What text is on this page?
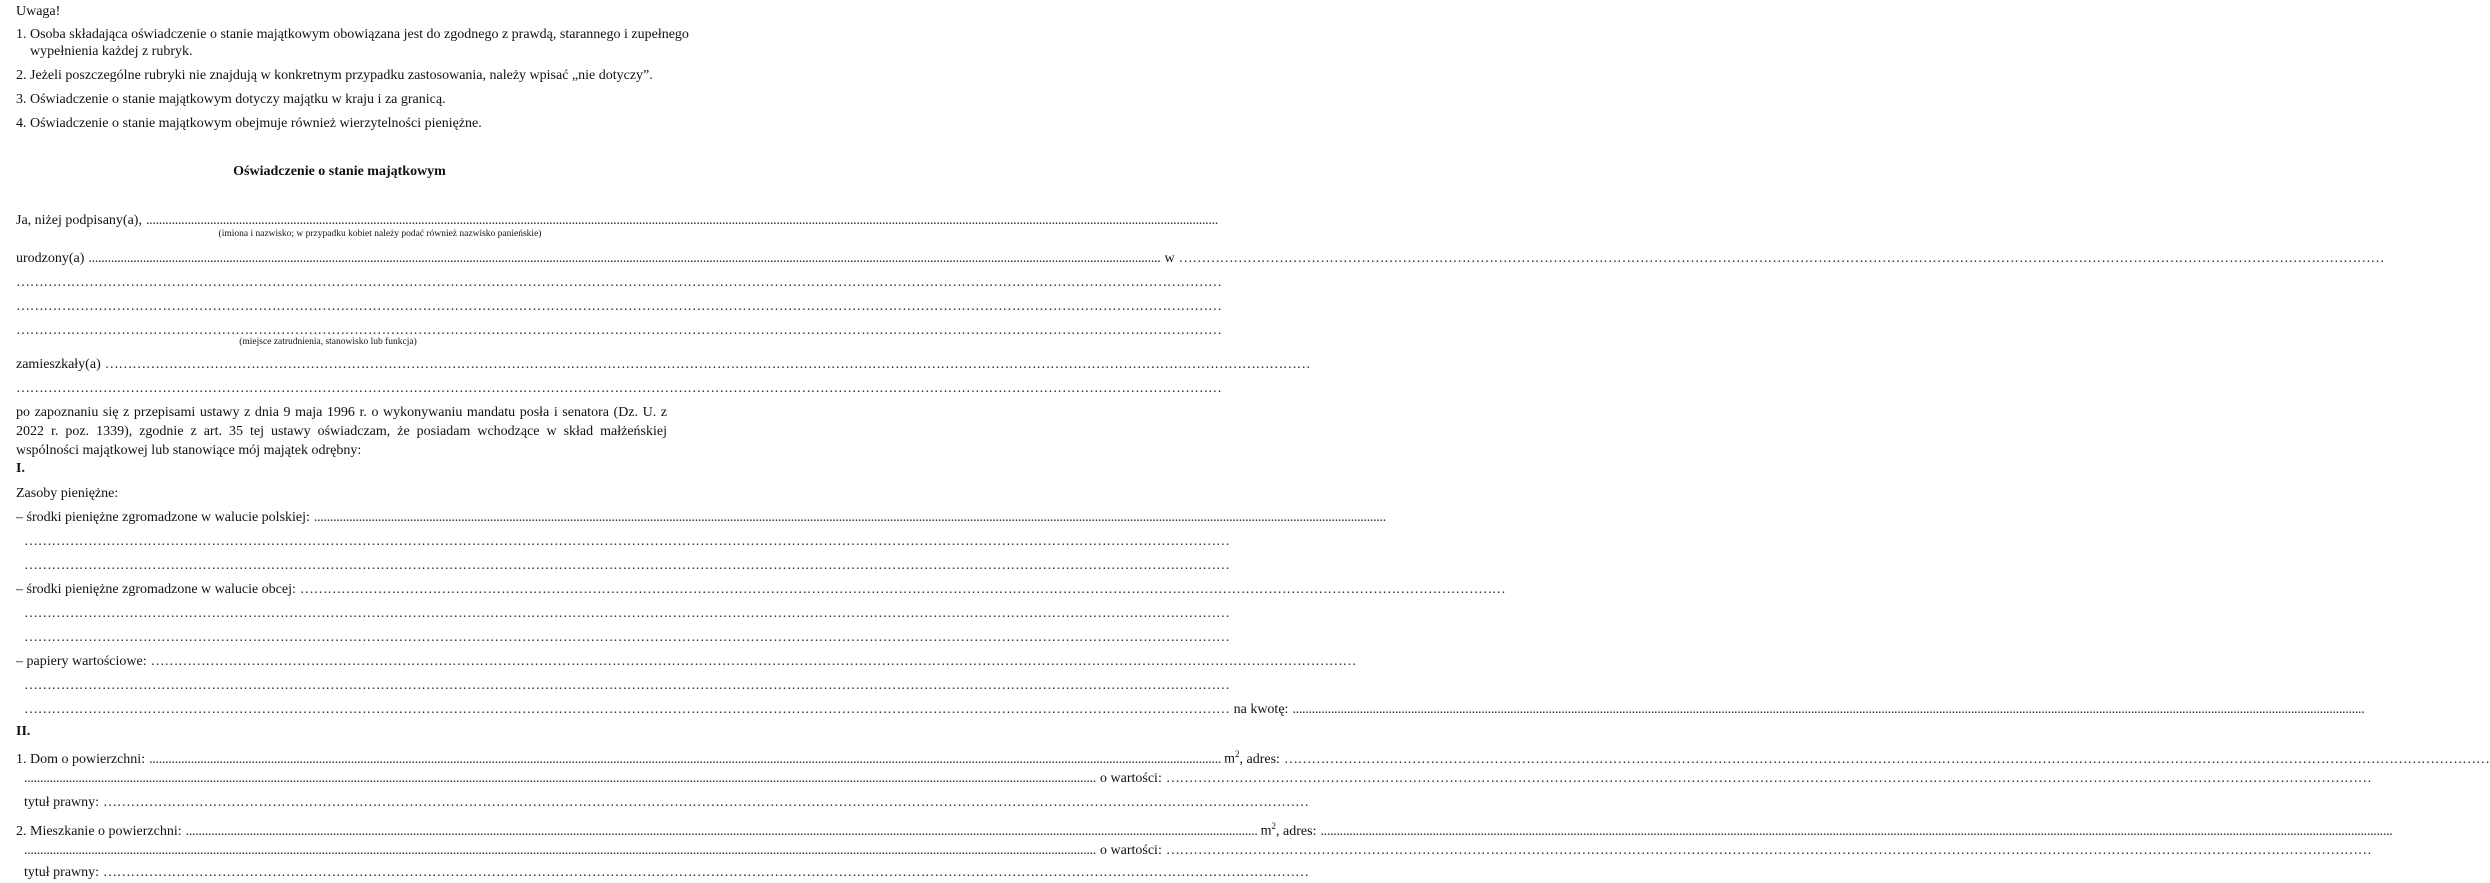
Uwaga!
1. Osoba składająca oświadczenie o stanie majątkowym obowiązana jest do zgodnego z prawdą, starannego i zupełnego
wypełnienia każdej z rubryk.
2. Jeżeli poszczególne rubryki nie znajdują w konkretnym przypadku zastosowania, należy wpisać „nie dotyczy”.
3. Oświadczenie o stanie majątkowym dotyczy majątku w kraju i za granicą.
4. Oświadczenie o stanie majątkowym obejmuje również wierzytelności pieniężne.
Oświadczenie o stanie majątkowym
Ja, niżej podpisany(a), ...............................................................................................................................................................................................................................................................................................................................................
(imiona i nazwisko; w przypadku kobiet należy podać również nazwisko panieńskie)
urodzony(a) ............................................................................................................................................................................................................................................................................................................................................... w …………………………………………………………………………………………………………………………………………………………………………………………………………………………………………
…………………………………………………………………………………………………………………………………………………………………………………………………………………………………………
…………………………………………………………………………………………………………………………………………………………………………………………………………………………………………
…………………………………………………………………………………………………………………………………………………………………………………………………………………………………………
(miejsce zatrudnienia, stanowisko lub funkcja)
zamieszkały(a) …………………………………………………………………………………………………………………………………………………………………………………………………………………………………………
…………………………………………………………………………………………………………………………………………………………………………………………………………………………………………
po zapoznaniu się z przepisami ustawy z dnia 9 maja 1996 r. o wykonywaniu mandatu posła i senatora (Dz. U. z 2022 r. poz. 1339), zgodnie z art. 35 tej ustawy oświadczam, że posiadam wchodzące w skład małżeńskiej wspólności majątkowej lub stanowiące mój majątek odrębny:
I.
Zasoby pieniężne:
– środki pieniężne zgromadzone w walucie polskiej: ...............................................................................................................................................................................................................................................................................................................................................
…………………………………………………………………………………………………………………………………………………………………………………………………………………………………………
…………………………………………………………………………………………………………………………………………………………………………………………………………………………………………
– środki pieniężne zgromadzone w walucie obcej: …………………………………………………………………………………………………………………………………………………………………………………………………………………………………………
…………………………………………………………………………………………………………………………………………………………………………………………………………………………………………
…………………………………………………………………………………………………………………………………………………………………………………………………………………………………………
– papiery wartościowe: …………………………………………………………………………………………………………………………………………………………………………………………………………………………………………
…………………………………………………………………………………………………………………………………………………………………………………………………………………………………………
………………………………………………………………………………………………………………………………………………………………………………………………………………………………………… na kwotę: ...............................................................................................................................................................................................................................................................................................................................................
II.
1. Dom o powierzchni: ............................................................................................................................................................................................................................................................................................................................................... $m^2$ , adres: …………………………………………………………………………………………………………………………………………………………………………………………………………………………………………
............................................................................................................................................................................................................................................................................................................................................... o wartości: …………………………………………………………………………………………………………………………………………………………………………………………………………………………………………
tytuł prawny: …………………………………………………………………………………………………………………………………………………………………………………………………………………………………………
2. Mieszkanie o powierzchni: ............................................................................................................................................................................................................................................................................................................................................... $m^2$ , adres: ...............................................................................................................................................................................................................................................................................................................................................
............................................................................................................................................................................................................................................................................................................................................... o wartości: …………………………………………………………………………………………………………………………………………………………………………………………………………………………………………
tytuł prawny: …………………………………………………………………………………………………………………………………………………………………………………………………………………………………………
